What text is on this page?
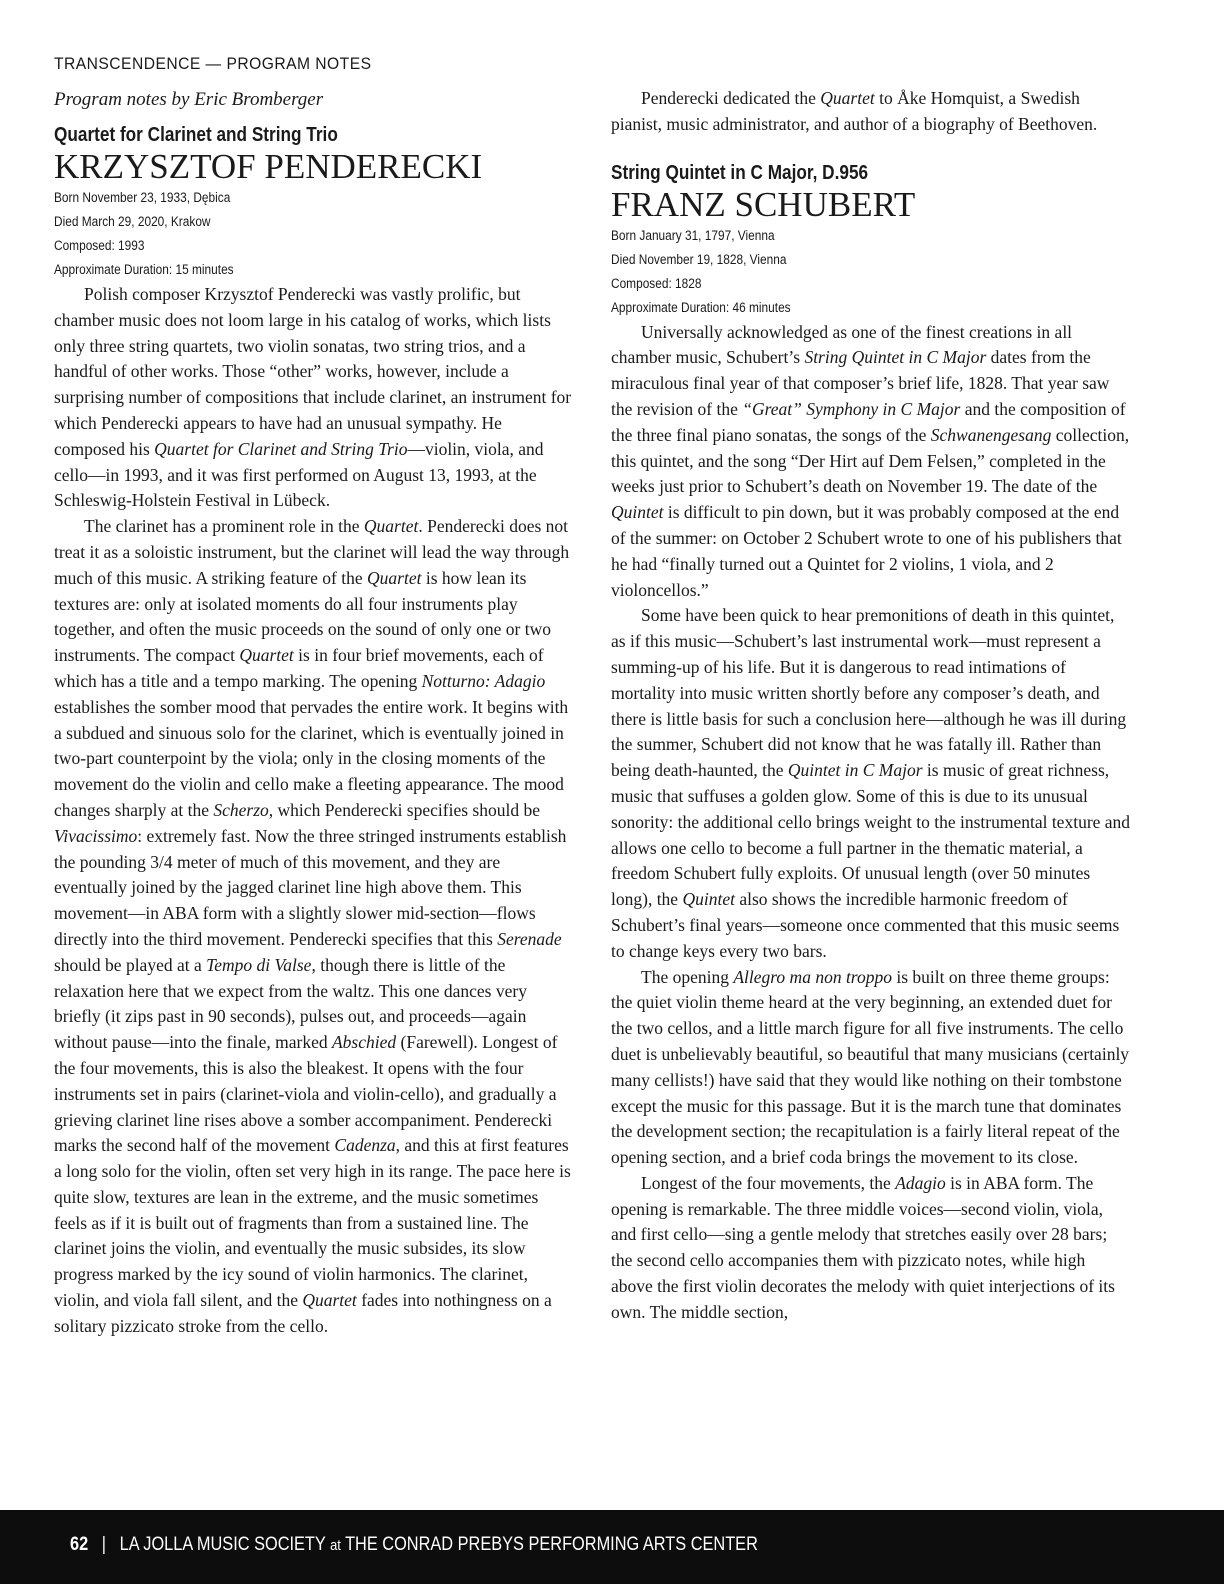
TRANSCENDENCE — PROGRAM NOTES
Program notes by Eric Bromberger
Quartet for Clarinet and String Trio
KRZYSZTOF PENDERECKI
Born November 23, 1933, Dębica
Died March 29, 2020, Krakow
Composed: 1993
Approximate Duration: 15 minutes

Polish composer Krzysztof Penderecki was vastly prolific, but chamber music does not loom large in his catalog of works, which lists only three string quartets, two violin sonatas, two string trios, and a handful of other works. Those “other” works, however, include a surprising number of compositions that include clarinet, an instrument for which Penderecki appears to have had an unusual sympathy. He composed his Quartet for Clarinet and String Trio—violin, viola, and cello—in 1993, and it was first performed on August 13, 1993, at the Schleswig-Holstein Festival in Lübeck.

The clarinet has a prominent role in the Quartet. Penderecki does not treat it as a soloistic instrument, but the clarinet will lead the way through much of this music. A striking feature of the Quartet is how lean its textures are: only at isolated moments do all four instruments play together, and often the music proceeds on the sound of only one or two instruments. The compact Quartet is in four brief movements, each of which has a title and a tempo marking. The opening Notturno: Adagio establishes the somber mood that pervades the entire work. It begins with a subdued and sinuous solo for the clarinet, which is eventually joined in two-part counterpoint by the viola; only in the closing moments of the movement do the violin and cello make a fleeting appearance. The mood changes sharply at the Scherzo, which Penderecki specifies should be Vivacissimo: extremely fast. Now the three stringed instruments establish the pounding 3/4 meter of much of this movement, and they are eventually joined by the jagged clarinet line high above them. This movement—in ABA form with a slightly slower mid-section—flows directly into the third movement. Penderecki specifies that this Serenade should be played at a Tempo di Valse, though there is little of the relaxation here that we expect from the waltz. This one dances very briefly (it zips past in 90 seconds), pulses out, and proceeds—again without pause—into the finale, marked Abschied (Farewell). Longest of the four movements, this is also the bleakest. It opens with the four instruments set in pairs (clarinet-viola and violin-cello), and gradually a grieving clarinet line rises above a somber accompaniment. Penderecki marks the second half of the movement Cadenza, and this at first features a long solo for the violin, often set very high in its range. The pace here is quite slow, textures are lean in the extreme, and the music sometimes feels as if it is built out of fragments than from a sustained line. The clarinet joins the violin, and eventually the music subsides, its slow progress marked by the icy sound of violin harmonics. The clarinet, violin, and viola fall silent, and the Quartet fades into nothingness on a solitary pizzicato stroke from the cello.

Penderecki dedicated the Quartet to Åke Homquist, a Swedish pianist, music administrator, and author of a biography of Beethoven.

String Quintet in C Major, D.956
FRANZ SCHUBERT
Born January 31, 1797, Vienna
Died November 19, 1828, Vienna
Composed: 1828
Approximate Duration: 46 minutes

Universally acknowledged as one of the finest creations in all chamber music, Schubert’s String Quintet in C Major dates from the miraculous final year of that composer’s brief life, 1828. That year saw the revision of the “Great” Symphony in C Major and the composition of the three final piano sonatas, the songs of the Schwanengesang collection, this quintet, and the song “Der Hirt auf Dem Felsen,” completed in the weeks just prior to Schubert’s death on November 19. The date of the Quintet is difficult to pin down, but it was probably composed at the end of the summer: on October 2 Schubert wrote to one of his publishers that he had “finally turned out a Quintet for 2 violins, 1 viola, and 2 violoncellos.”

Some have been quick to hear premonitions of death in this quintet, as if this music—Schubert’s last instrumental work—must represent a summing-up of his life. But it is dangerous to read intimations of mortality into music written shortly before any composer’s death, and there is little basis for such a conclusion here—although he was ill during the summer, Schubert did not know that he was fatally ill. Rather than being death-haunted, the Quintet in C Major is music of great richness, music that suffuses a golden glow. Some of this is due to its unusual sonority: the additional cello brings weight to the instrumental texture and allows one cello to become a full partner in the thematic material, a freedom Schubert fully exploits. Of unusual length (over 50 minutes long), the Quintet also shows the incredible harmonic freedom of Schubert’s final years—someone once commented that this music seems to change keys every two bars.

The opening Allegro ma non troppo is built on three theme groups: the quiet violin theme heard at the very beginning, an extended duet for the two cellos, and a little march figure for all five instruments. The cello duet is unbelievably beautiful, so beautiful that many musicians (certainly many cellists!) have said that they would like nothing on their tombstone except the music for this passage. But it is the march tune that dominates the development section; the recapitulation is a fairly literal repeat of the opening section, and a brief coda brings the movement to its close.

Longest of the four movements, the Adagio is in ABA form. The opening is remarkable. The three middle voices—second violin, viola, and first cello—sing a gentle melody that stretches easily over 28 bars; the second cello accompanies them with pizzicato notes, while high above the first violin decorates the melody with quiet interjections of its own. The middle section,

62 | LA JOLLA MUSIC SOCIETY at THE CONRAD PREBYS PERFORMING ARTS CENTER
